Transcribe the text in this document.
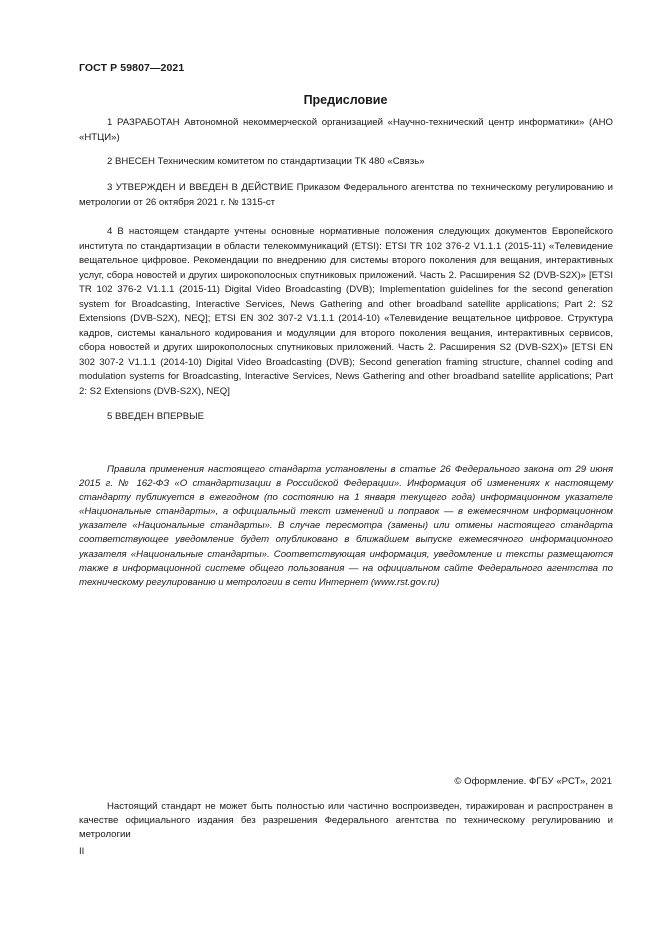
ГОСТ Р 59807—2021
Предисловие

1 РАЗРАБОТАН Автономной некоммерческой организацией «Научно-технический центр информатики» (АНО «НТЦИ»)

2 ВНЕСЕН Техническим комитетом по стандартизации ТК 480 «Связь»

3 УТВЕРЖДЕН И ВВЕДЕН В ДЕЙСТВИЕ Приказом Федерального агентства по техническому регулированию и метрологии от 26 октября 2021 г. № 1315-ст

4 В настоящем стандарте учтены основные нормативные положения следующих документов Европейского института по стандартизации в области телекоммуникаций (ETSI): ETSI TR 102 376-2 V1.1.1 (2015-11) «Телевидение вещательное цифровое. Рекомендации по внедрению для системы второго поколения для вещания, интерактивных услуг, сбора новостей и других широкополосных спутниковых приложений. Часть 2. Расширения S2 (DVB-S2X)» [ETSI TR 102 376-2 V1.1.1 (2015-11) Digital Video Broadcasting (DVB); Implementation guidelines for the second generation system for Broadcasting, Interactive Services, News Gathering and other broadband satellite applications; Part 2: S2 Extensions (DVB-S2X), NEQ]; ETSI EN 302 307-2 V1.1.1 (2014-10) «Телевидение вещательное цифровое. Структура кадров, системы канального кодирования и модуляции для второго поколения вещания, интерактивных сервисов, сбора новостей и других широкополосных спутниковых приложений. Часть 2. Расширения S2 (DVB-S2X)» [ETSI EN 302 307-2 V1.1.1 (2014-10) Digital Video Broadcasting (DVB); Second generation framing structure, channel coding and modulation systems for Broadcasting, Interactive Services, News Gathering and other broadband satellite applications; Part 2: S2 Extensions (DVB-S2X), NEQ]

5 ВВЕДЕН ВПЕРВЫЕ

Правила применения настоящего стандарта установлены в статье 26 Федерального закона от 29 июня 2015 г. № 162-ФЗ «О стандартизации в Российской Федерации». Информация об изменениях к настоящему стандарту публикуется в ежегодном (по состоянию на 1 января текущего года) информационном указателе «Национальные стандарты», а официальный текст изменений и поправок — в ежемесячном информационном указателе «Национальные стандарты». В случае пересмотра (замены) или отмены настоящего стандарта соответствующее уведомление будет опубликовано в ближайшем выпуске ежемесячного информационного указателя «Национальные стандарты». Соответствующая информация, уведомление и тексты размещаются также в информационной системе общего пользования — на официальном сайте Федерального агентства по техническому регулированию и метрологии в сети Интернет (www.rst.gov.ru)

© Оформление. ФГБУ «РСТ», 2021

Настоящий стандарт не может быть полностью или частично воспроизведен, тиражирован и распространен в качестве официального издания без разрешения Федерального агентства по техническому регулированию и метрологии

II
